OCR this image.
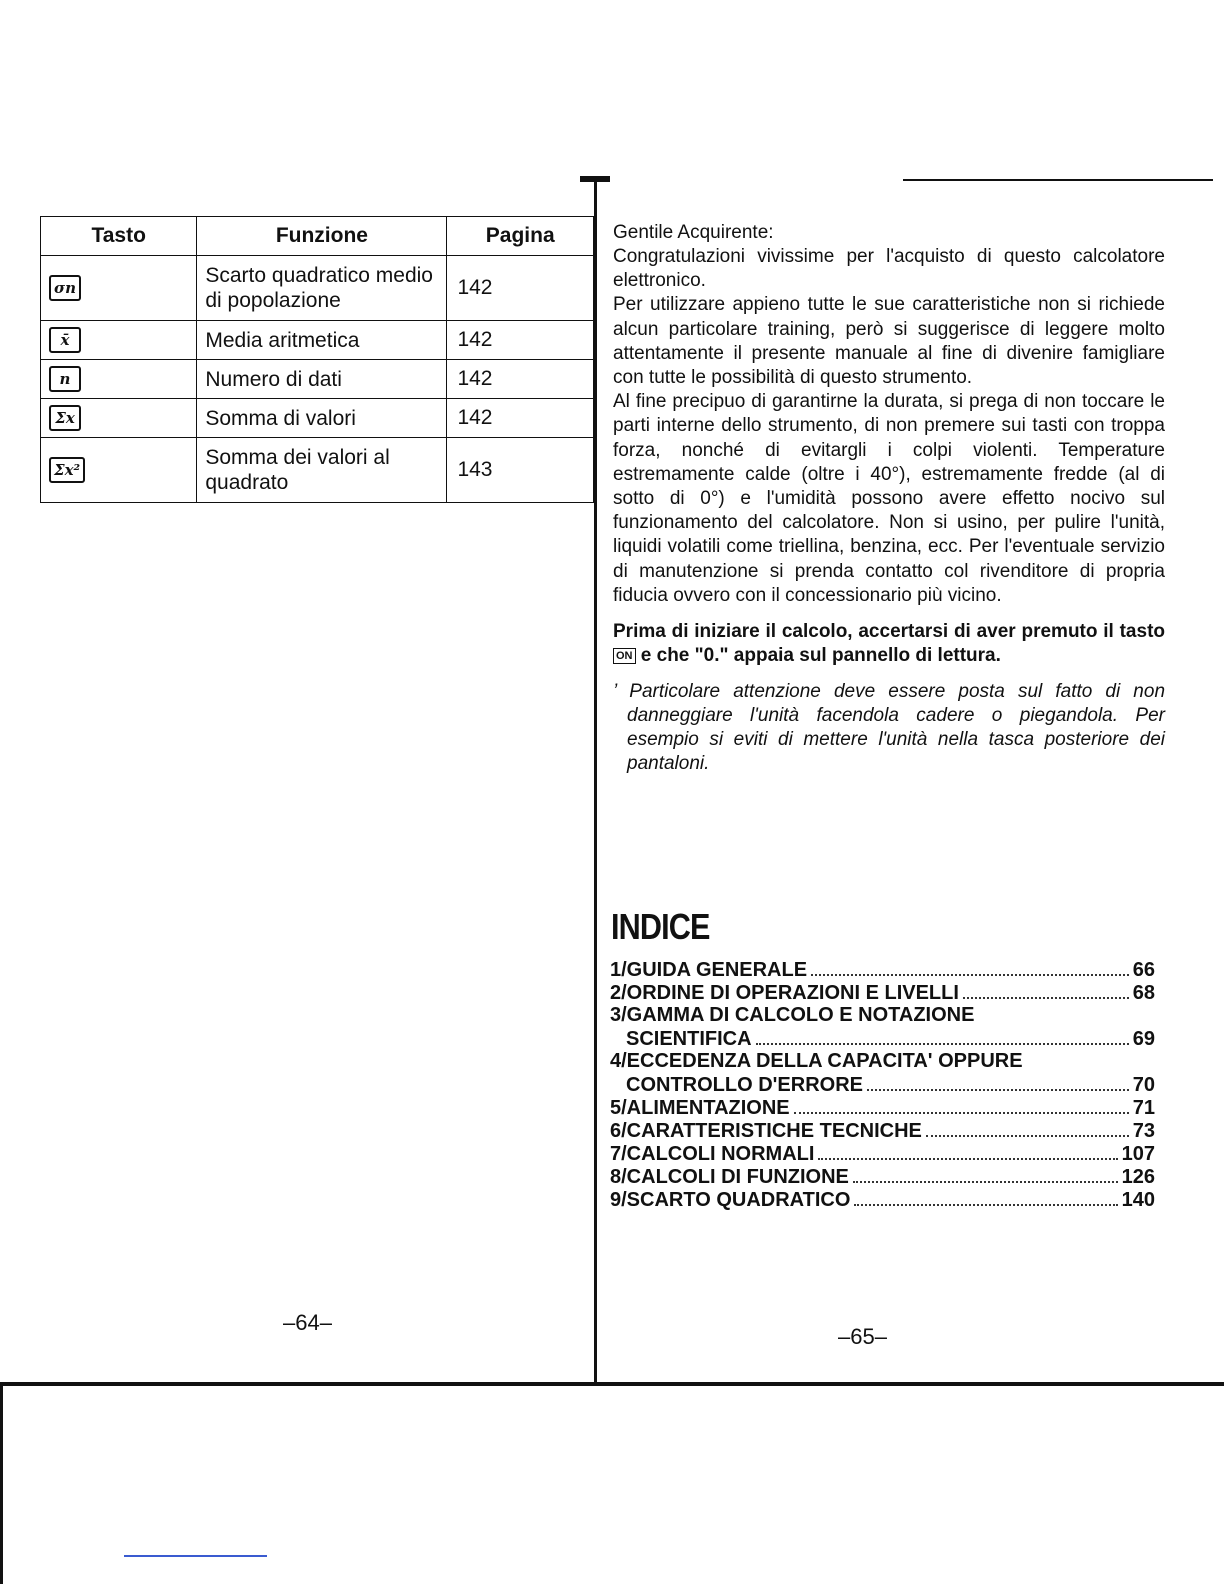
Tasto	Funzione	Pagina
σn	Scarto quadratico medio di popolazione	142
x̄	Media aritmetica	142
n	Numero di dati	142
Σx	Somma di valori	142
Σx²	Somma dei valori al quadrato	143
–64–

Gentile Acquirente:

Congratulazioni vivissime per l'acquisto di questo calcolatore elettronico.

Per utilizzare appieno tutte le sue caratteristiche non si richiede alcun particolare training, però si suggerisce di leggere molto attentamente il presente manuale al fine di divenire famigliare con tutte le possibilità di questo strumento.

Al fine precipuo di garantirne la durata, si prega di non toccare le parti interne dello strumento, di non premere sui tasti con troppa forza, nonché di evitargli i colpi violenti. Temperature estremamente calde (oltre i 40°), estremamente fredde (al di sotto di 0°) e l'umidità possono avere effetto nocivo sul funzionamento del calcolatore. Non si usino, per pulire l'unità, liquidi volatili come triellina, benzina, ecc. Per l'eventuale servizio di manutenzione si prenda contatto col rivenditore di propria fiducia ovvero con il concessionario più vicino.

Prima di iniziare il calcolo, accertarsi di aver premuto il tasto ON e che "0." appaia sul pannello di lettura.

’ Particolare attenzione deve essere posta sul fatto di non danneggiare l'unità facendola cadere o piegandola. Per esempio si eviti di mettere l'unità nella tasca posteriore dei pantaloni.

INDICE
1/GUIDA GENERALE	66
2/ORDINE DI OPERAZIONI E LIVELLI	68
3/GAMMA DI CALCOLO E NOTAZIONE
SCIENTIFICA	69
4/ECCEDENZA DELLA CAPACITA' OPPURE
CONTROLLO D'ERRORE	70
5/ALIMENTAZIONE	71
6/CARATTERISTICHE TECNICHE	73
7/CALCOLI NORMALI	107
8/CALCOLI DI FUNZIONE	126
9/SCARTO QUADRATICO	140
–65–
